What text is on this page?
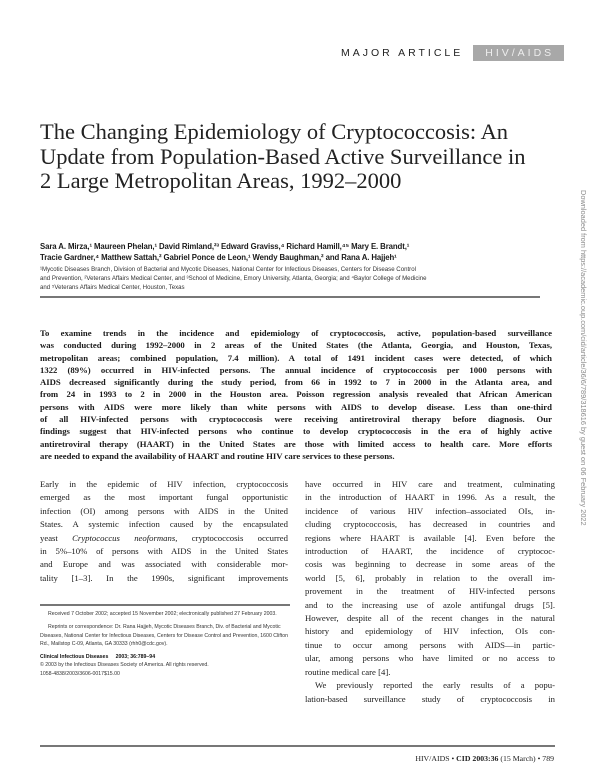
MAJOR ARTICLE	HIV/AIDS
The Changing Epidemiology of Cryptococcosis: An Update from Population-Based Active Surveillance in 2 Large Metropolitan Areas, 1992–2000
Sara A. Mirza,¹ Maureen Phelan,¹ David Rimland,²³ Edward Graviss,⁴ Richard Hamill,⁴⁵ Mary E. Brandt,¹
Tracie Gardner,⁴ Matthew Sattah,² Gabriel Ponce de Leon,¹ Wendy Baughman,² and Rana A. Hajjeh¹
¹Mycotic Diseases Branch, Division of Bacterial and Mycotic Diseases, National Center for Infectious Diseases, Centers for Disease Control
and Prevention, ²Veterans Affairs Medical Center, and ³School of Medicine, Emory University, Atlanta, Georgia; and ⁴Baylor College of Medicine
and ⁵Veterans Affairs Medical Center, Houston, Texas
To examine trends in the incidence and epidemiology of cryptococcosis, active, population-based surveillance
was conducted during 1992–2000 in 2 areas of the United States (the Atlanta, Georgia, and Houston, Texas,
metropolitan areas; combined population, 7.4 million). A total of 1491 incident cases were detected, of which
1322 (89%) occurred in HIV-infected persons. The annual incidence of cryptococcosis per 1000 persons with
AIDS decreased significantly during the study period, from 66 in 1992 to 7 in 2000 in the Atlanta area, and
from 24 in 1993 to 2 in 2000 in the Houston area. Poisson regression analysis revealed that African American
persons with AIDS were more likely than white persons with AIDS to develop disease. Less than one-third
of all HIV-infected persons with cryptococcosis were receiving antiretroviral therapy before diagnosis. Our
findings suggest that HIV-infected persons who continue to develop cryptococcosis in the era of highly active
antiretroviral therapy (HAART) in the United States are those with limited access to health care. More efforts
are needed to expand the availability of HAART and routine HIV care services to these persons.
Early in the epidemic of HIV infection, cryptococcosis
emerged as the most important fungal opportunistic
infection (OI) among persons with AIDS in the United
States. A systemic infection caused by the encapsulated
yeast Cryptococcus neoformans, cryptococcosis occurred
in 5%–10% of persons with AIDS in the United States
and Europe and was associated with considerable mor-
tality [1–3]. In the 1990s, significant improvements

Received 7 October 2002; accepted 15 November 2002; electronically published 27 February 2003.

Reprints or correspondence: Dr. Rana Hajjeh, Mycotic Diseases Branch, Div. of Bacterial and Mycotic Diseases, National Center for Infectious Diseases, Centers for Disease Control and Prevention, 1600 Clifton Rd., Mailstop C-09, Atlanta, GA 30333 (rhh0@cdc.gov).

Clinical Infectious Diseases 2003; 36:789–94

© 2003 by the Infectious Diseases Society of America. All rights reserved.
1058-4838/2003/3606-0017$15.00
have occurred in HIV care and treatment, culminating
in the introduction of HAART in 1996. As a result, the
incidence of various HIV infection–associated OIs, in-
cluding cryptococcosis, has decreased in countries and
regions where HAART is available [4]. Even before the
introduction of HAART, the incidence of cryptococ-
cosis was beginning to decrease in some areas of the
world [5, 6], probably in relation to the overall im-
provement in the treatment of HIV-infected persons
and to the increasing use of azole antifungal drugs [5].
However, despite all of the recent changes in the natural
history and epidemiology of HIV infection, OIs con-
tinue to occur among persons with AIDS—in partic-
ular, among persons who have limited or no access to
routine medical care [4].
We previously reported the early results of a popu-
lation-based surveillance study of cryptococcosis in
HIV/AIDS • CID 2003:36 (15 March) • 789
Downloaded from https://academic.oup.com/cid/article/36/6/789/318616 by guest on 06 February 2022
